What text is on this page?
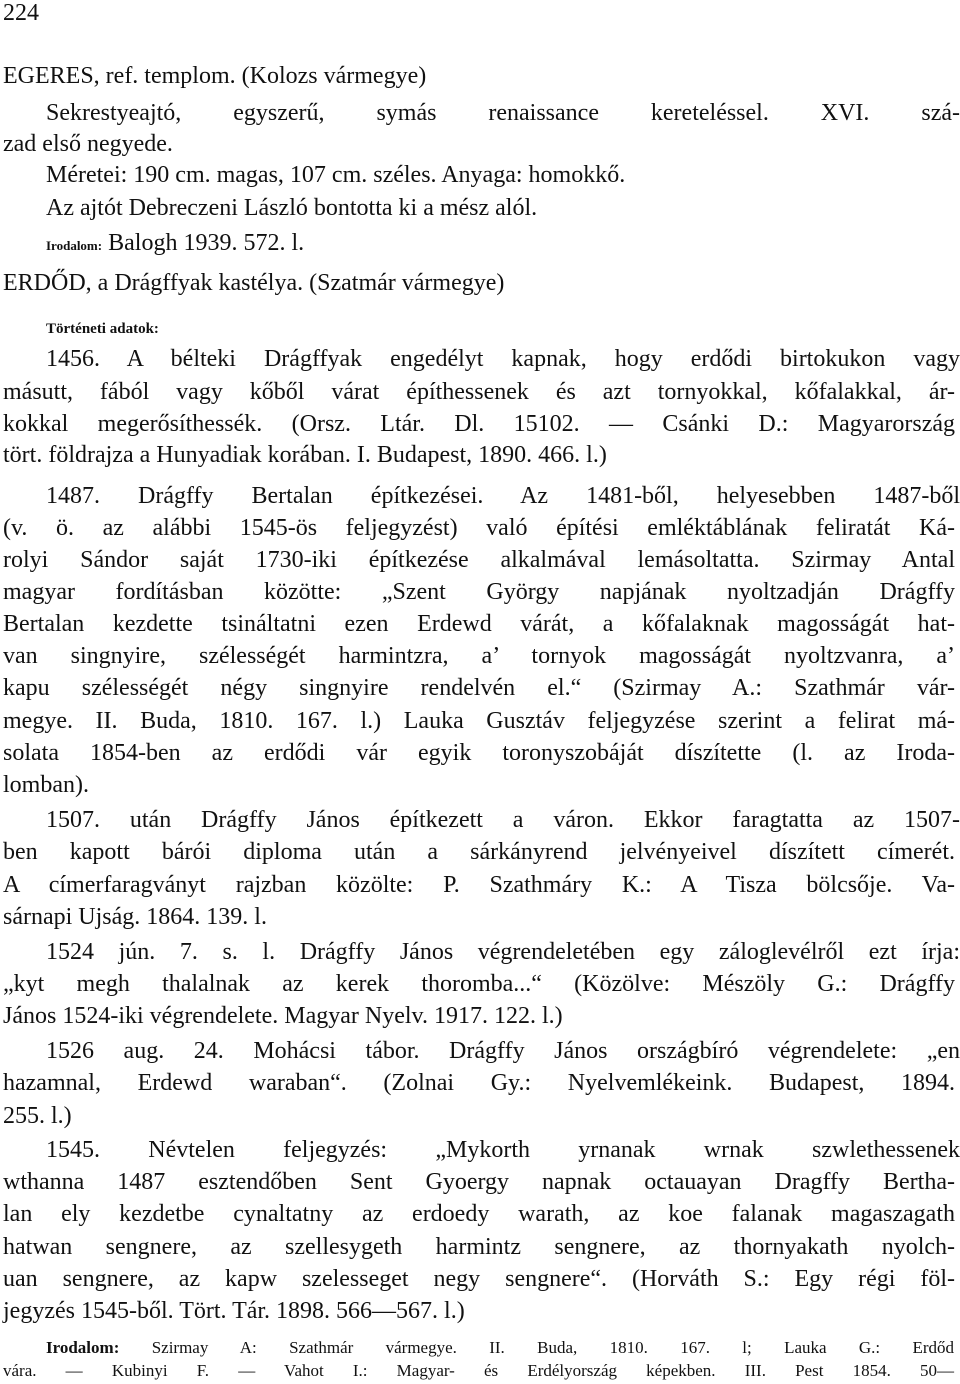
224

EGERES, ref. templom. (Kolozs vármegye)

Sekrestyeajtó, egyszerű, symás renaissance kereteléssel. XVI. szá-

zad első negyede.

Méretei: 190 cm. magas, 107 cm. széles. Anyaga: homokkő.

Az ajtót Debreczeni László bontotta ki a mész alól.

Irodalom: Balogh 1939. 572. l.

ERDŐD, a Drágffyak kastélya. (Szatmár vármegye)

Történeti adatok:

1456. A bélteki Drágffyak engedélyt kapnak, hogy erdődi birtokukon vagy

másutt, fából vagy kőből várat építhessenek és azt tornyokkal, kőfalakkal, ár-

kokkal megerősíthessék. (Orsz. Ltár. Dl. 15102. — Csánki D.: Magyarország

tört. földrajza a Hunyadiak korában. I. Budapest, 1890. 466. l.)

1487. Drágffy Bertalan építkezései. Az 1481-ből, helyesebben 1487-ből

(v. ö. az alábbi 1545-ös feljegyzést) való építési emléktáblának feliratát Ká-

rolyi Sándor saját 1730-iki építkezése alkalmával lemásoltatta. Szirmay Antal

magyar fordításban közötte: „Szent György napjának nyoltzadján Drágffy

Bertalan kezdette tsináltatni ezen Erdewd várát, a kőfalaknak magosságát hat-

van singnyire, szélességét harmintzra, a’ tornyok magosságát nyoltzvanra, a’

kapu szélességét négy singnyire rendelvén el.“ (Szirmay A.: Szathmár vár-

megye. II. Buda, 1810. 167. l.) Lauka Gusztáv feljegyzése szerint a felirat má-

solata 1854-ben az erdődi vár egyik toronyszobáját díszítette (l. az Iroda-

lomban).

1507. után Drágffy János építkezett a váron. Ekkor faragtatta az 1507-

ben kapott bárói diploma után a sárkányrend jelvényeivel díszített címerét.

A címerfaragványt rajzban közölte: P. Szathmáry K.: A Tisza bölcsője. Va-

sárnapi Ujság. 1864. 139. l.

1524 jún. 7. s. l. Drágffy János végrendeletében egy záloglevélről ezt írja:

„kyt megh thalalnak az kerek thoromba...“ (Közölve: Mészöly G.: Drágffy

János 1524-iki végrendelete. Magyar Nyelv. 1917. 122. l.)

1526 aug. 24. Mohácsi tábor. Drágffy János országbíró végrendelete: „en

hazamnal, Erdewd waraban“. (Zolnai Gy.: Nyelvemlékeink. Budapest, 1894.

255. l.)

1545. Névtelen feljegyzés: „Mykorth yrnanak wrnak szwlethessenek

wthanna 1487 esztendőben Sent Gyoergy napnak octauayan Dragffy Bertha-

lan ely kezdetbe cynaltatny az erdoedy warath, az koe falanak magaszagath

hatwan sengnere, az szellesygeth harmintz sengnere, az thornyakath nyolch-

uan sengnere, az kapw szelesseget negy sengnere“. (Horváth S.: Egy régi föl-

jegyzés 1545-ből. Tört. Tár. 1898. 566—567. l.)

Irodalom: Szirmay A: Szathmár vármegye. II. Buda, 1810. 167. l; Lauka G.: Erdőd

vára. — Kubinyi F. — Vahot I.: Magyar- és Erdélyország képekben. III. Pest 1854. 50—
